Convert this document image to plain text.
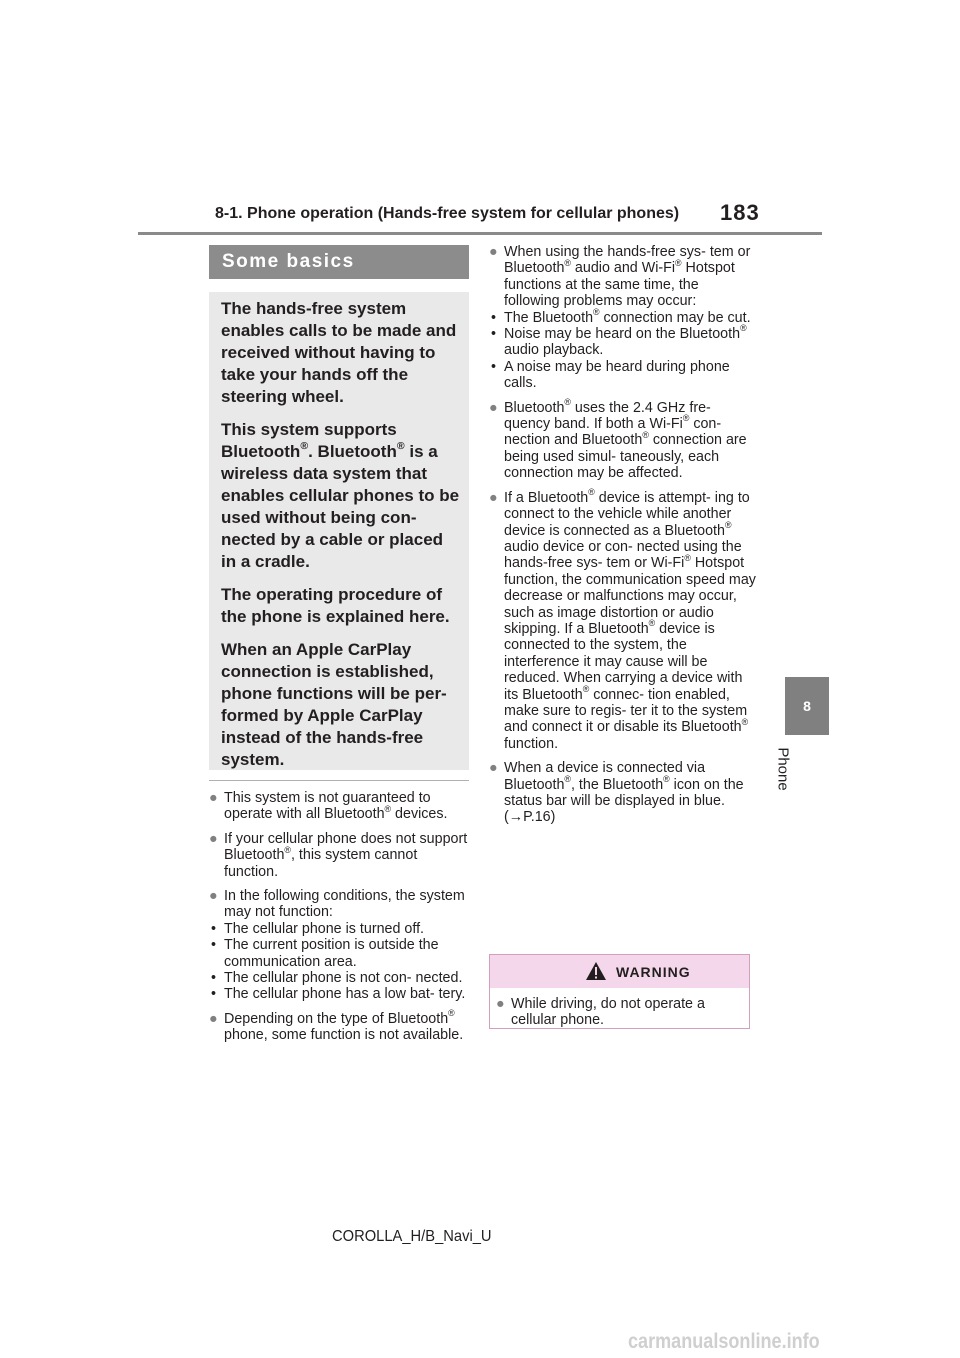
8-1. Phone operation (Hands-free system for cellular phones) 183
8
Phone
Some basics

The hands-free system enables calls to be made and received without having to take your hands off the steering wheel.

This system supports Bluetooth®. Bluetooth® is a wireless data system that enables cellular phones to be used without being con- nected by a cable or placed in a cradle.

The operating procedure of the phone is explained here.

When an Apple CarPlay connection is established, phone functions will be per- formed by Apple CarPlay instead of the hands-free system.

● This system is not guaranteed to operate with all Bluetooth® devices.
● If your cellular phone does not support Bluetooth®, this system cannot function.
● In the following conditions, the system may not function:
• The cellular phone is turned off.
• The current position is outside the communication area.
• The cellular phone is not con- nected.
• The cellular phone has a low bat- tery.
● Depending on the type of Bluetooth® phone, some function is not available.
● When using the hands-free sys- tem or Bluetooth® audio and Wi-Fi® Hotspot functions at the same time, the following problems may occur:
• The Bluetooth® connection may be cut.
• Noise may be heard on the Bluetooth® audio playback.
• A noise may be heard during phone calls.
● Bluetooth® uses the 2.4 GHz fre- quency band. If both a Wi-Fi® con- nection and Bluetooth® connection are being used simul- taneously, each connection may be affected.
● If a Bluetooth® device is attempt- ing to connect to the vehicle while another device is connected as a Bluetooth® audio device or con- nected using the hands-free sys- tem or Wi-Fi® Hotspot function, the communication speed may decrease or malfunctions may occur, such as image distortion or audio skipping. If a Bluetooth® device is connected to the system, the interference it may cause will be reduced. When carrying a device with its Bluetooth® connec- tion enabled, make sure to regis- ter it to the system and connect it or disable its Bluetooth® function.
● When a device is connected via Bluetooth®, the Bluetooth® icon on the status bar will be displayed in blue. (→P.16)
WARNING
● While driving, do not operate a cellular phone.
COROLLA_H/B_Navi_U
carmanualsonline.info
